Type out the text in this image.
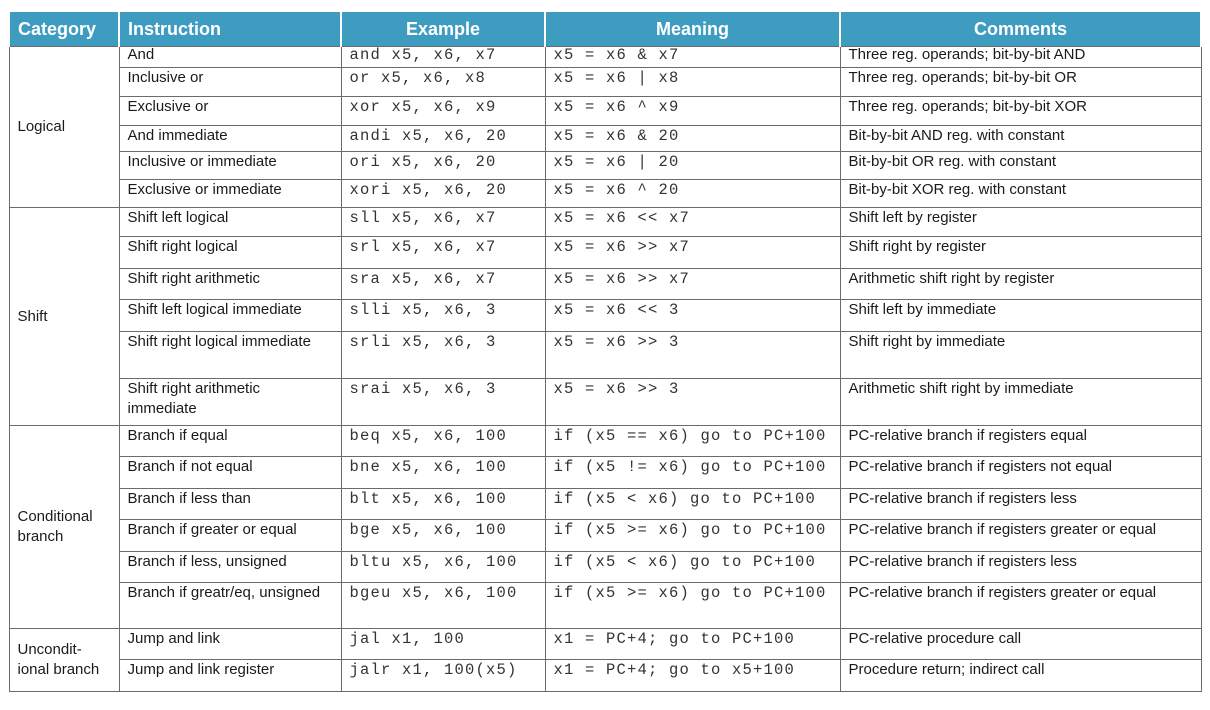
Category	Instruction	Example	Meaning	Comments
Logical	And	and x5, x6, x7	x5 = x6 & x7	Three reg. operands; bit-by-bit AND
	Inclusive or	or x5, x6, x8	x5 = x6 | x8	Three reg. operands; bit-by-bit OR
	Exclusive or	xor x5, x6, x9	x5 = x6 ^ x9	Three reg. operands; bit-by-bit XOR
	And immediate	andi x5, x6, 20	x5 = x6 & 20	Bit-by-bit AND reg. with constant
	Inclusive or immediate	ori x5, x6, 20	x5 = x6 | 20	Bit-by-bit OR reg. with constant
	Exclusive or immediate	xori x5, x6, 20	x5 = x6 ^ 20	Bit-by-bit XOR reg. with constant
Shift	Shift left logical	sll x5, x6, x7	x5 = x6 << x7	Shift left by register
	Shift right logical	srl x5, x6, x7	x5 = x6 >> x7	Shift right by register
	Shift right arithmetic	sra x5, x6, x7	x5 = x6 >> x7	Arithmetic shift right by register
	Shift left logical immediate	slli x5, x6, 3	x5 = x6 << 3	Shift left by immediate
	Shift right logical immediate	srli x5, x6, 3	x5 = x6 >> 3	Shift right by immediate
	Shift right arithmetic immediate	srai x5, x6, 3	x5 = x6 >> 3	Arithmetic shift right by immediate
Conditional branch	Branch if equal	beq x5, x6, 100	if (x5 == x6) go to PC+100	PC-relative branch if registers equal
	Branch if not equal	bne x5, x6, 100	if (x5 != x6) go to PC+100	PC-relative branch if registers not equal
	Branch if less than	blt x5, x6, 100	if (x5 < x6) go to PC+100	PC-relative branch if registers less
	Branch if greater or equal	bge x5, x6, 100	if (x5 >= x6) go to PC+100	PC-relative branch if registers greater or equal
	Branch if less, unsigned	bltu x5, x6, 100	if (x5 < x6) go to PC+100	PC-relative branch if registers less
	Branch if greatr/eq, unsigned	bgeu x5, x6, 100	if (x5 >= x6) go to PC+100	PC-relative branch if registers greater or equal
Uncondit-ional branch	Jump and link	jal x1, 100	x1 = PC+4; go to PC+100	PC-relative procedure call
	Jump and link register	jalr x1, 100(x5)	x1 = PC+4; go to x5+100	Procedure return; indirect call
